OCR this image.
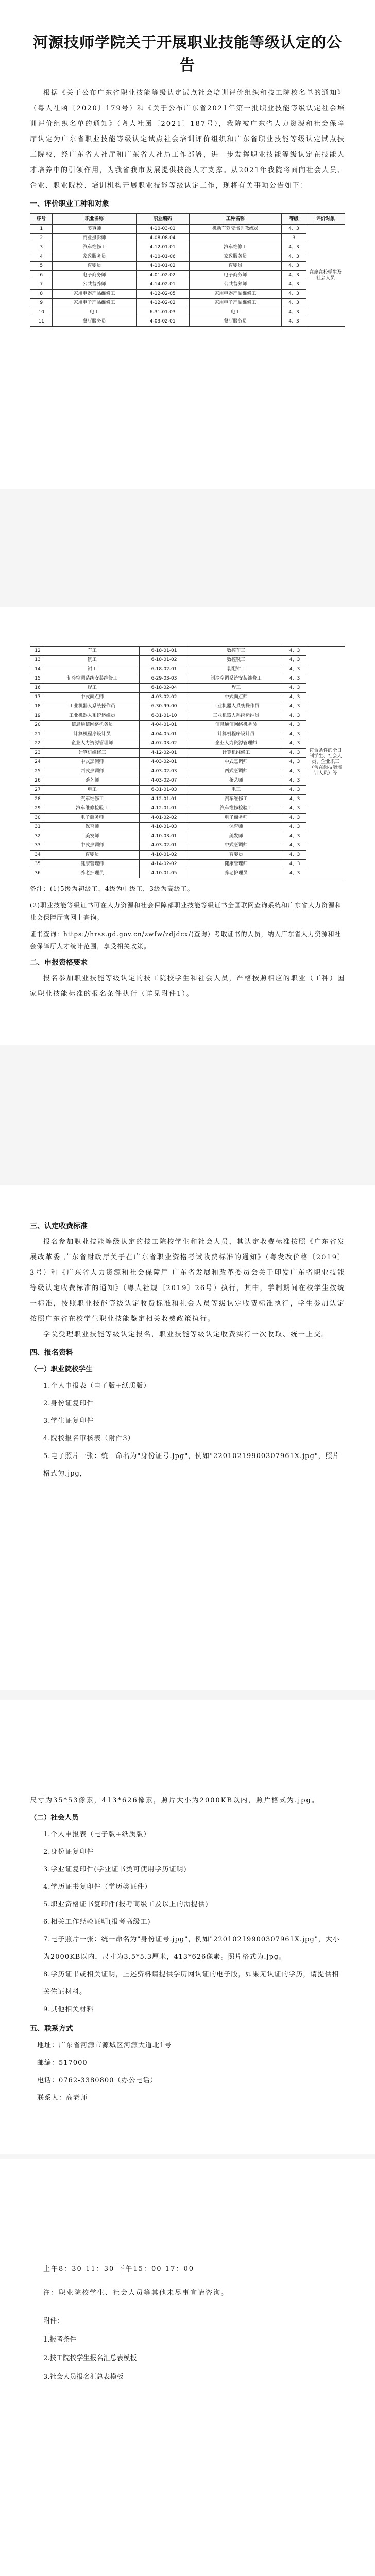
河源技师学院关于开展职业技能等级认定的公告

根据《关于公布广东省职业技能等级认定试点社会培训评价组织和技工院校名单的通知》（粤人社函〔2020〕179号）和《关于公布广东省2021年第一批职业技能等级认定社会培训评价组织名单的通知》（粤人社函〔2021〕187号），我院被广东省人力资源和社会保障厅认定为广东省职业技能等级认定试点社会培训评价组织和广东省职业技能等级认定试点技工院校，经广东省人社厅和广东省人社局工作部署，进一步发挥职业技能等级认定在技能人才培养中的引领作用，为我省我市发展提供技能人才支撑。从2021年我院将面向社会人员、企业、职业院校、培训机构开展职业技能等级认定工作，现将有关事项公告如下：

一、评价职业工种和对象
序号	职业名称	职业编码	工种名称	等级	评价对象
1	美容师	4-10-03-01	机动车驾驶培训教练员	4、3	在籍在校学生及社会人员
2	商业摄影师	4-08-08-04		3	
3	汽车维修工	4-12-01-01	汽车维修工	4、3	
4	家政服务员	4-10-01-06	家政服务员	4、3	
5	育婴员	4-10-01-02	育婴员	4、3	
6	电子商务师	4-01-02-02	电子商务师	4、3	
7	公共营养师	4-14-02-01	公共营养师	4、3	
8	家用电器产品维修工	4-12-02-05	家用电器产品维修工	4、3	
9	家用电子产品维修工	4-12-02-02	家用电子产品维修工	4、3	
10	电工	6-31-01-03	电工	4、3	
11	餐厅服务员	4-03-02-01	餐厅服务员	4、3	
12	车工	6-18-01-01	数控车工	4、3	符合条件的全日制学生、社会人员、企业职工（含在岗技能培训人员）等
13	铣工	6-18-01-02	数控铣工	4、3	
14	钳工	6-18-02-01	装配钳工	4、3	
15	制冷空调系统安装维修工	6-29-03-03	制冷空调系统安装维修工	4、3	
16	焊工	6-18-02-04	焊工	4、3	
17	中式面点师	4-03-02-02	中式面点师	4、3	
18	工业机器人系统操作员	6-30-99-00	工业机器人系统操作员	4、3	
19	工业机器人系统运维员	6-31-01-10	工业机器人系统运维员	4、3	
20	信息通信网络机务员	4-04-01-01	信息通信网络机务员	4、3	
21	计算机程序设计员	4-04-05-01	计算机程序设计员	4、3	
22	企业人力资源管理师	4-07-03-02	企业人力资源管理师	4、3	
23	计算机维修工	4-12-02-01	计算机维修工	4、3	
24	中式烹调师	4-03-02-01	中式烹调师	4、3	
25	西式烹调师	4-03-02-03	西式烹调师	4、3	
26	茶艺师	4-03-02-07	茶艺师	4、3	
27	电工	6-31-01-03	电工	4、3	
28	汽车维修工	4-12-01-01	汽车维修工	4、3	
29	汽车维修检验工	4-12-01-01	汽车维修检验工	4、3	
30	电子商务师	4-01-02-02	电子商务师	4、3	
31	保育师	4-10-01-03	保育师	4、3	
32	美发师	4-10-03-01	美发师	4、3	
33	中式烹调师	4-03-02-01	中式烹调师	4、3	
34	育婴员	4-10-01-02	育婴员	4、3	
35	健康管理师	4-14-02-02	健康管理师	4、3	
36	养老护理员	4-10-01-05	养老护理员	4、3	

备注：(1)5级为初级工，4级为中级工，3级为高级工。

(2)职业技能等级证书可在人力资源和社会保障部职业技能等级证书全国联网查询系统和广东省人力资源和社会保障厅官网上查询。

证书查询：https://hrss.gd.gov.cn/zwfw/zdjdcx/(查询）考取证书的人员，纳入广东省人力资源和社会保障厅人才统计范围，享受相关政策。

二、申报资格要求

报名参加职业技能等级认定的技工院校学生和社会人员，严格按照相应的职业（工种）国家职业技能标准的报名条件执行（详见附件1）。

三、认定收费标准

报名参加职业技能等级认定的技工院校学生和社会人员，其认定收费标准按照《广东省发展改革委 广东省财政厅关于在广东省职业资格考试收费标准的通知》（粤发改价格〔2019〕3号）和《广东省人力资源和社会保障厅 广东省发展和改革委员会关于印发广东省职业技能等级认定收费标准的通知》（粤人社规〔2019〕26号）执行，其中，学制期间在校学生按统一标准，按照职业技能等级认定收费标准和社会人员等级认定收费标准执行，学生参加认定按照广东省在校学生职业技能鉴定相关收费政策执行。

学院受理职业技能等级认定报名，职业技能等级认定收费实行一次收取、统一上交。

四、报名资料
（一）职业院校学生
1.个人申报表（电子版+纸质版）
2.身份证复印件
3.学生证复印件
4.院校报名审核表（附件3）
5.电子照片一张：统一命名为"身份证号.jpg"，例如"22010219900307961X.jpg"，照片格式为.jpg，

尺寸为35*53像素，413*626像素，照片大小为2000KB以内，照片格式为.jpg。

（二）社会人员
1.个人申报表（电子版+纸质版）
2.身份证复印件
3.学业证复印件(学业证书类可使用学历证明)
4.学历证书复印件（学历类证件）
5.职业资格证书复印件(报考高级工及以上的需提供)
6.相关工作经验证明(报考高级工)
7.电子照片一张：统一命名为"身份证号.jpg"，例如"22010219900307961X.jpg"，大小为2000KB以内，尺寸为3.5*5.3厘米，413*626像素。照片格式为.jpg。
8.学历证书或相关证明，上述资料请提供学历网认证的电子版，如果无认证的学历，请提供相关佐证材料。
9.其他相关材料
五、联系方式
地址：广东省河源市源城区河源大道北1号
邮编：517000
电话：0762-3380800（办公电话）
联系人：高老师

上午8：30-11：30 下午15：00-17：00

注：职业院校学生、社会人员等其他未尽事宜请咨询。

附件：
1.报考条件
2.技工院校学生报名汇总表模板
3.社会人员报名汇总表模板
